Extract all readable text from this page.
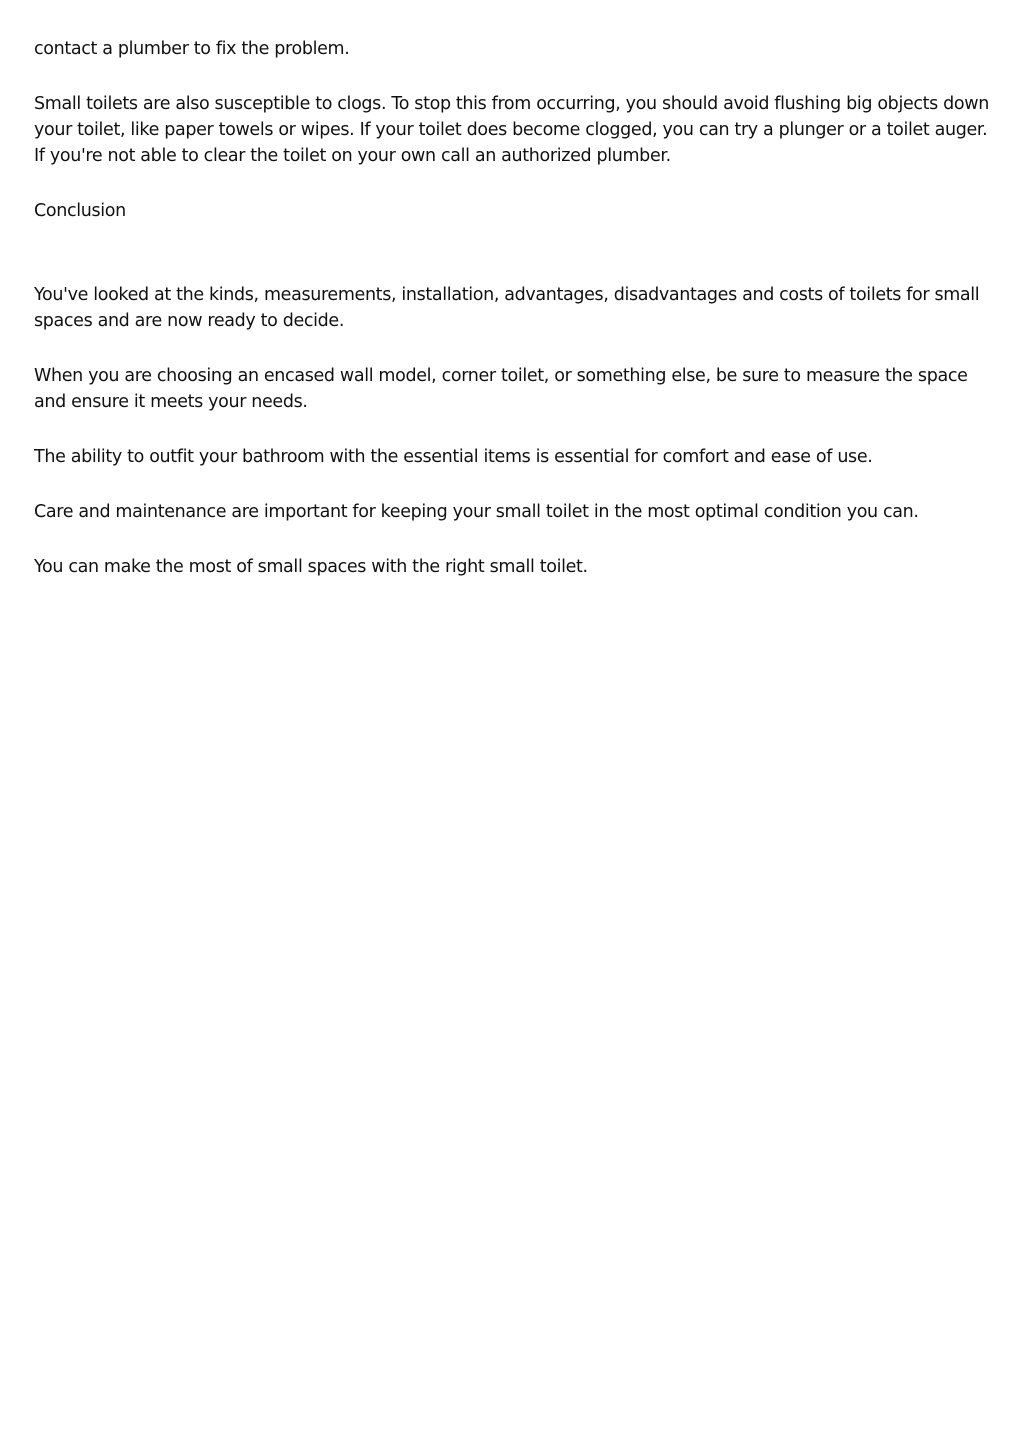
contact a plumber to fix the problem.

Small toilets are also susceptible to clogs. To stop this from occurring, you should avoid flushing big objects down your toilet, like paper towels or wipes. If your toilet does become clogged, you can try a plunger or a toilet auger. If you're not able to clear the toilet on your own call an authorized plumber.

Conclusion

You've looked at the kinds, measurements, installation, advantages, disadvantages and costs of toilets for small spaces and are now ready to decide.

When you are choosing an encased wall model, corner toilet, or something else, be sure to measure the space and ensure it meets your needs.

The ability to outfit your bathroom with the essential items is essential for comfort and ease of use.

Care and maintenance are important for keeping your small toilet in the most optimal condition you can.

You can make the most of small spaces with the right small toilet.
